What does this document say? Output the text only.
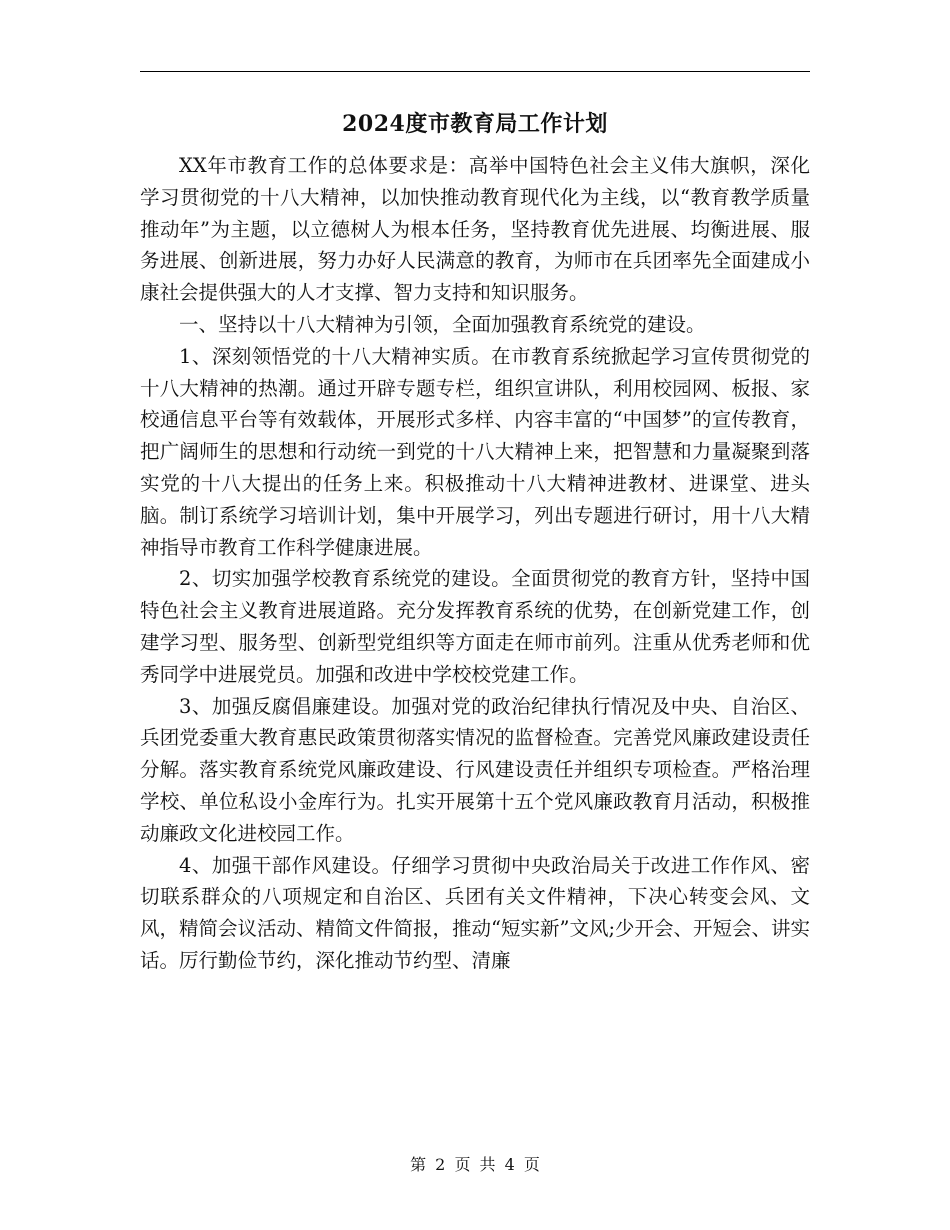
2024度市教育局工作计划

XX年市教育工作的总体要求是：高举中国特色社会主义伟大旗帜，深化学习贯彻党的十八大精神，以加快推动教育现代化为主线，以“教育教学质量推动年”为主题，以立德树人为根本任务，坚持教育优先进展、均衡进展、服务进展、创新进展，努力办好人民满意的教育，为师市在兵团率先全面建成小康社会提供强大的人才支撑、智力支持和知识服务。

一、坚持以十八大精神为引领，全面加强教育系统党的建设。

1、深刻领悟党的十八大精神实质。在市教育系统掀起学习宣传贯彻党的十八大精神的热潮。通过开辟专题专栏，组织宣讲队，利用校园网、板报、家校通信息平台等有效载体，开展形式多样、内容丰富的“中国梦”的宣传教育，把广阔师生的思想和行动统一到党的十八大精神上来，把智慧和力量凝聚到落实党的十八大提出的任务上来。积极推动十八大精神进教材、进课堂、进头脑。制订系统学习培训计划，集中开展学习，列出专题进行研讨，用十八大精神指导市教育工作科学健康进展。

2、切实加强学校教育系统党的建设。全面贯彻党的教育方针，坚持中国特色社会主义教育进展道路。充分发挥教育系统的优势，在创新党建工作，创建学习型、服务型、创新型党组织等方面走在师市前列。注重从优秀老师和优秀同学中进展党员。加强和改进中学校校党建工作。

3、加强反腐倡廉建设。加强对党的政治纪律执行情况及中央、自治区、兵团党委重大教育惠民政策贯彻落实情况的监督检查。完善党风廉政建设责任分解。落实教育系统党风廉政建设、行风建设责任并组织专项检查。严格治理学校、单位私设小金库行为。扎实开展第十五个党风廉政教育月活动，积极推动廉政文化进校园工作。

4、加强干部作风建设。仔细学习贯彻中央政治局关于改进工作作风、密切联系群众的八项规定和自治区、兵团有关文件精神，下决心转变会风、文风，精简会议活动、精简文件简报，推动“短实新”文风;少开会、开短会、讲实话。厉行勤俭节约，深化推动节约型、清廉

第 2 页 共 4 页
